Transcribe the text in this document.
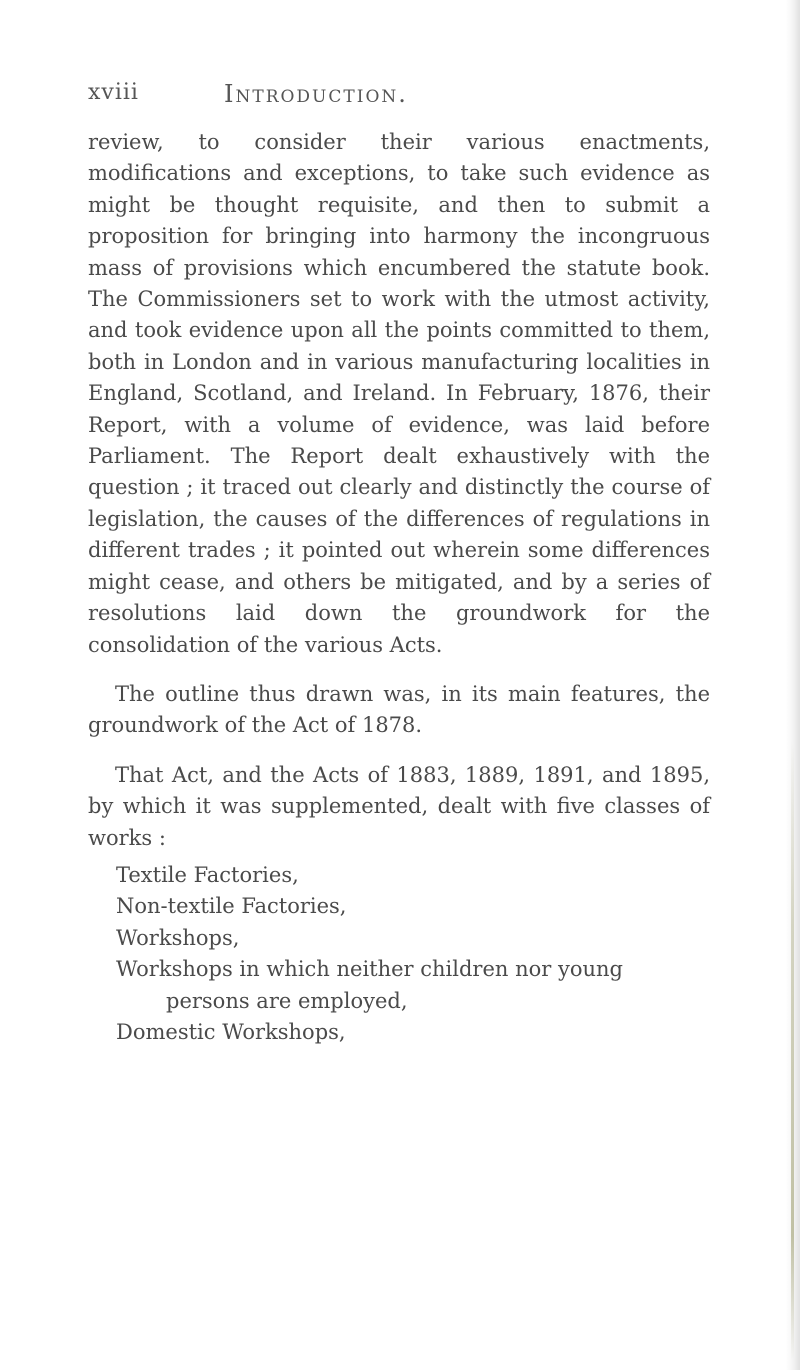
xviii	Introduction.

review, to consider their various enactments, modifications and exceptions, to take such evidence as might be thought requisite, and then to submit a proposition for bringing into harmony the incongruous mass of provisions which encumbered the statute book. The Commissioners set to work with the utmost activity, and took evidence upon all the points committed to them, both in London and in various manufacturing localities in England, Scotland, and Ireland. In February, 1876, their Report, with a volume of evidence, was laid before Parliament. The Report dealt exhaustively with the question ; it traced out clearly and distinctly the course of legislation, the causes of the differences of regulations in different trades ; it pointed out wherein some differences might cease, and others be mitigated, and by a series of resolutions laid down the groundwork for the consolidation of the various Acts.

The outline thus drawn was, in its main features, the groundwork of the Act of 1878.

That Act, and the Acts of 1883, 1889, 1891, and 1895, by which it was supplemented, dealt with five classes of works :

Textile Factories,
Non-textile Factories,
Workshops,
Workshops in which neither children nor young persons are employed,
Domestic Workshops,
